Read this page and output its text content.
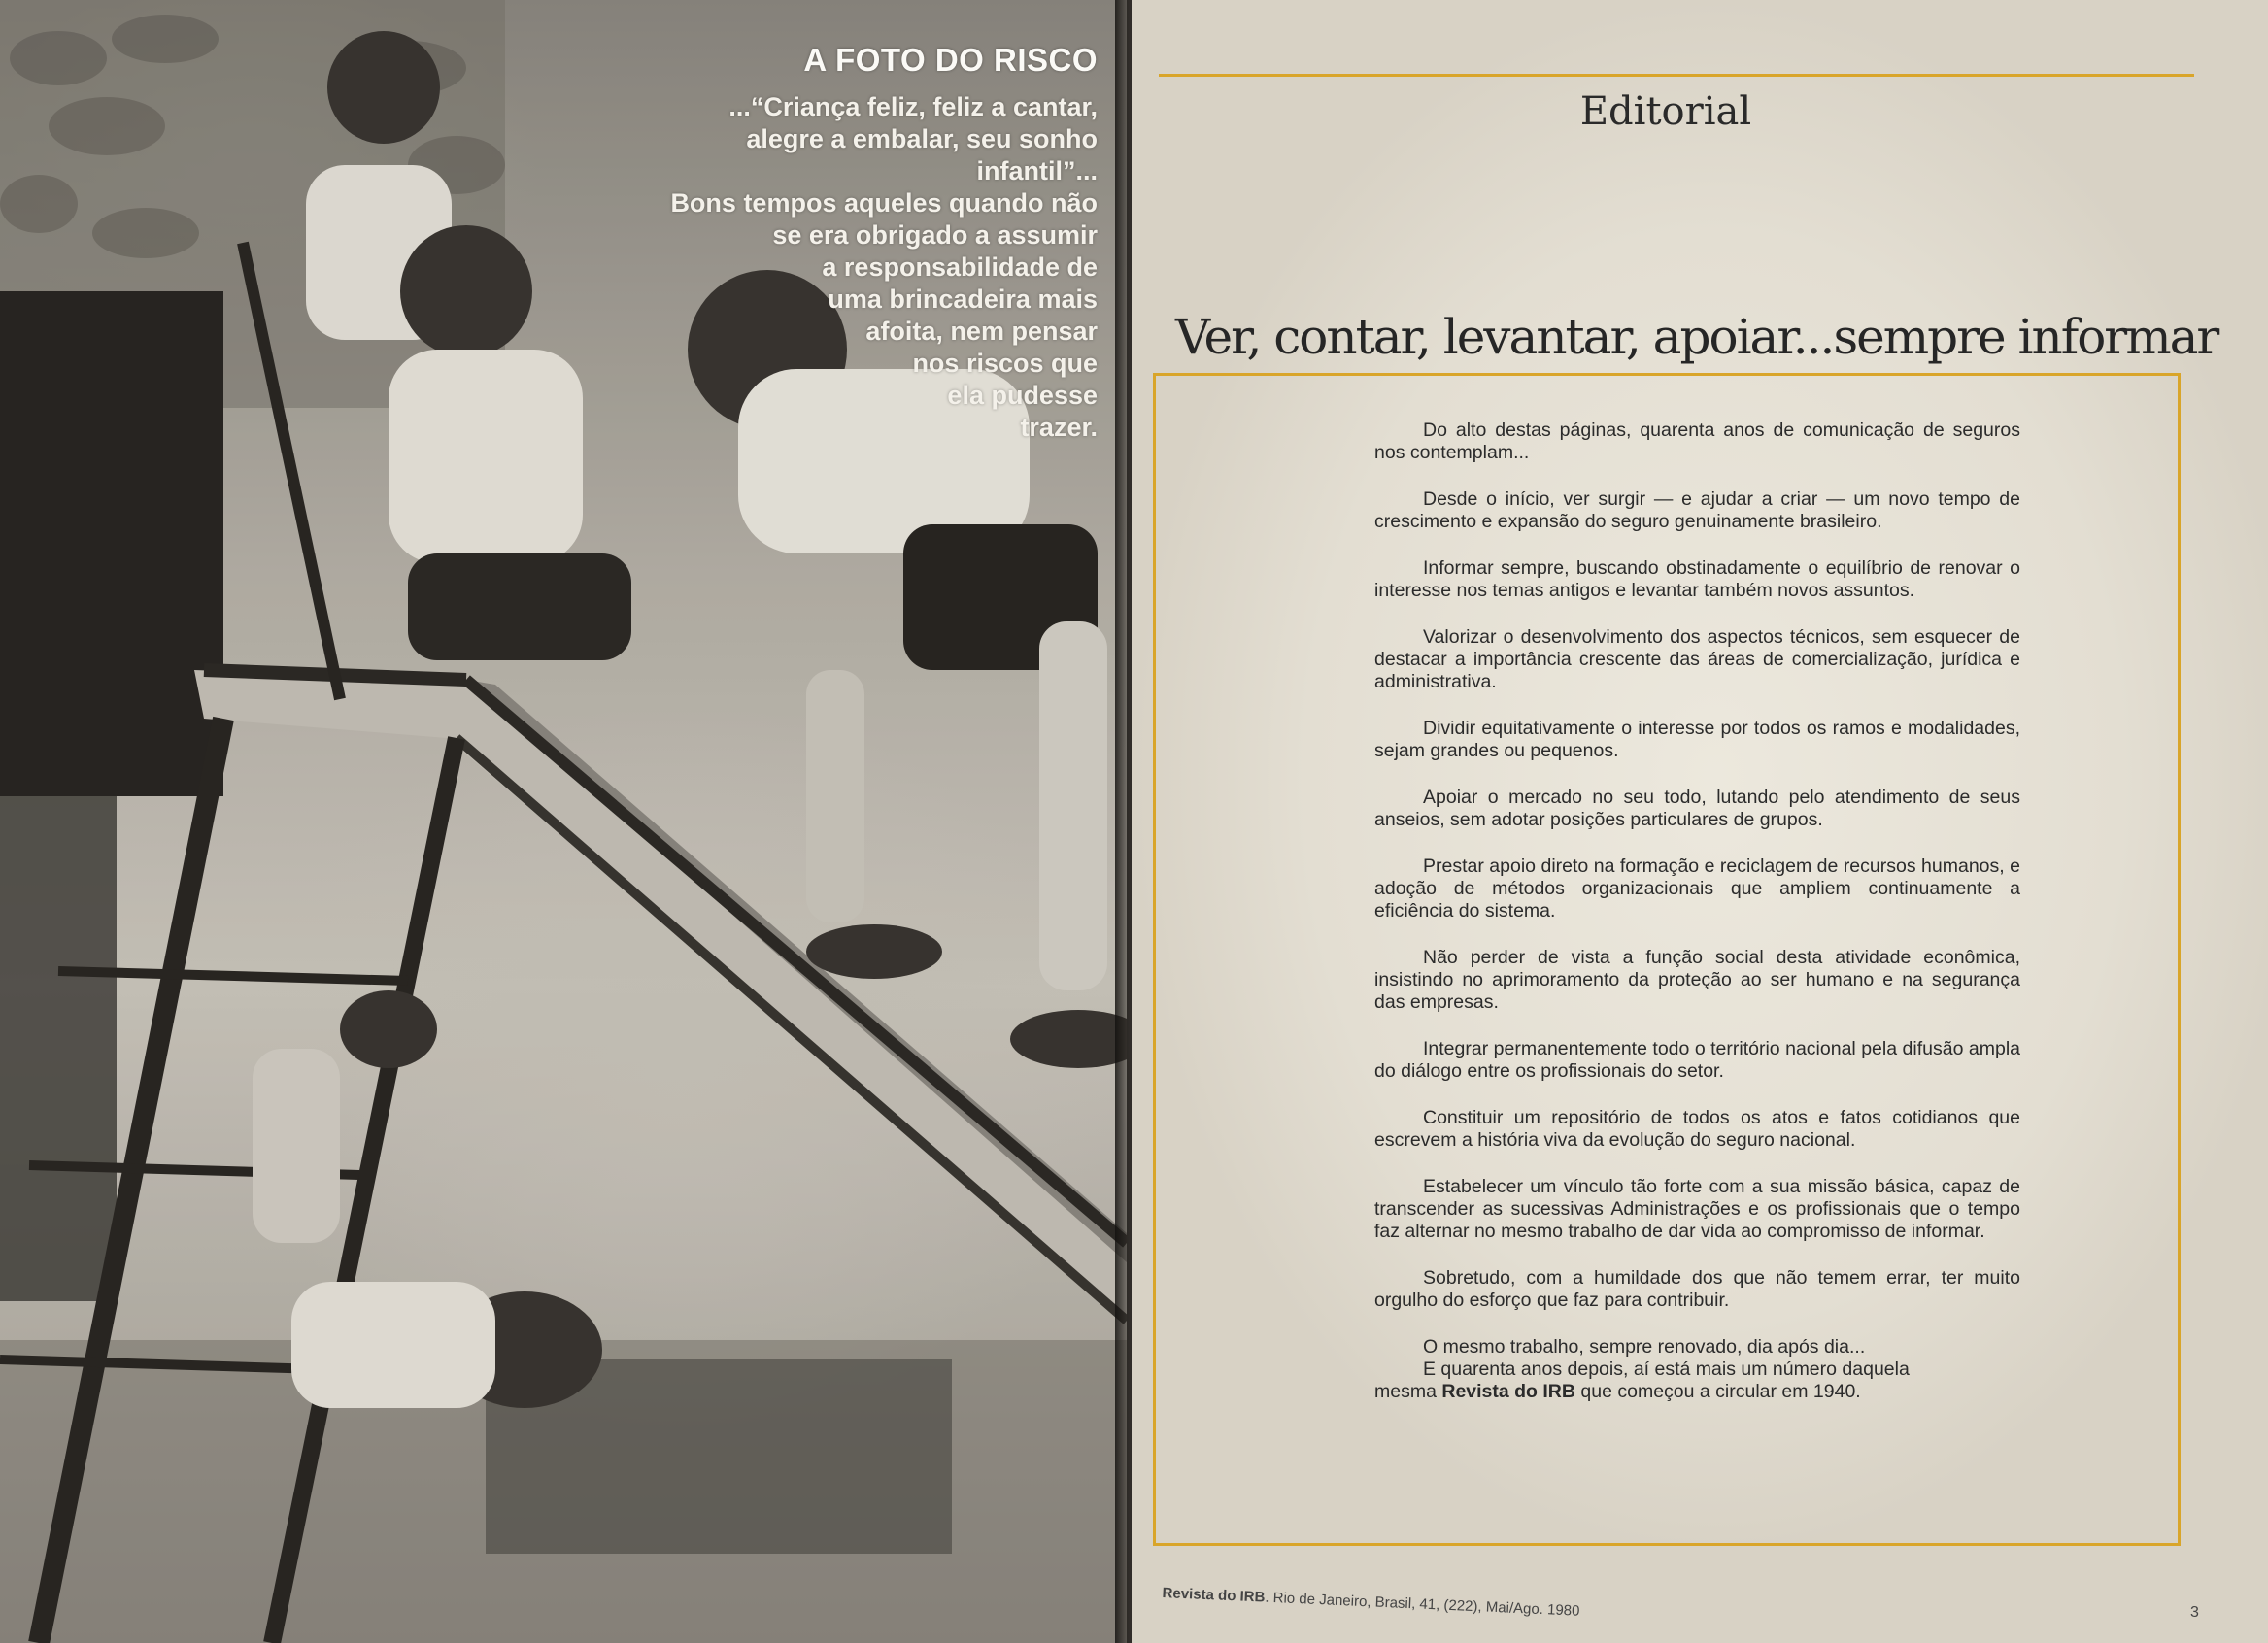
A FOTO DO RISCO
...“Criança feliz, feliz a cantar,
alegre a embalar, seu sonho
infantil”...
Bons tempos aqueles quando não
se era obrigado a assumir
a responsabilidade de
uma brincadeira mais
afoita, nem pensar
nos riscos que
ela pudesse
trazer.
Editorial
Ver, contar, levantar, apoiar...sempre informar

Do alto destas páginas, quarenta anos de comunicação de seguros nos contemplam...

Desde o início, ver surgir — e ajudar a criar — um novo tempo de crescimento e expansão do seguro genuinamente brasileiro.

Informar sempre, buscando obstinadamente o equilíbrio de renovar o interesse nos temas antigos e levantar também novos assuntos.

Valorizar o desenvolvimento dos aspectos técnicos, sem esquecer de destacar a importância crescente das áreas de comercialização, jurídica e administrativa.

Dividir equitativamente o interesse por todos os ramos e modalidades, sejam grandes ou pequenos.

Apoiar o mercado no seu todo, lutando pelo atendimento de seus anseios, sem adotar posições particulares de grupos.

Prestar apoio direto na formação e reciclagem de recursos humanos, e adoção de métodos organizacionais que ampliem continuamente a eficiência do sistema.

Não perder de vista a função social desta atividade econômica, insistindo no aprimoramento da proteção ao ser humano e na segurança das empresas.

Integrar permanentemente todo o território nacional pela difusão ampla do diálogo entre os profissionais do setor.

Constituir um repositório de todos os atos e fatos cotidianos que escrevem a história viva da evolução do seguro nacional.

Estabelecer um vínculo tão forte com a sua missão básica, capaz de transcender as sucessivas Administrações e os profissionais que o tempo faz alternar no mesmo trabalho de dar vida ao compromisso de informar.

Sobretudo, com a humildade dos que não temem errar, ter muito orgulho do esforço que faz para contribuir.

O mesmo trabalho, sempre renovado, dia após dia...
E quarenta anos depois, aí está mais um número daquela
mesma Revista do IRB que começou a circular em 1940.

Revista do IRB. Rio de Janeiro, Brasil, 41, (222), Mai/Ago. 1980	3
